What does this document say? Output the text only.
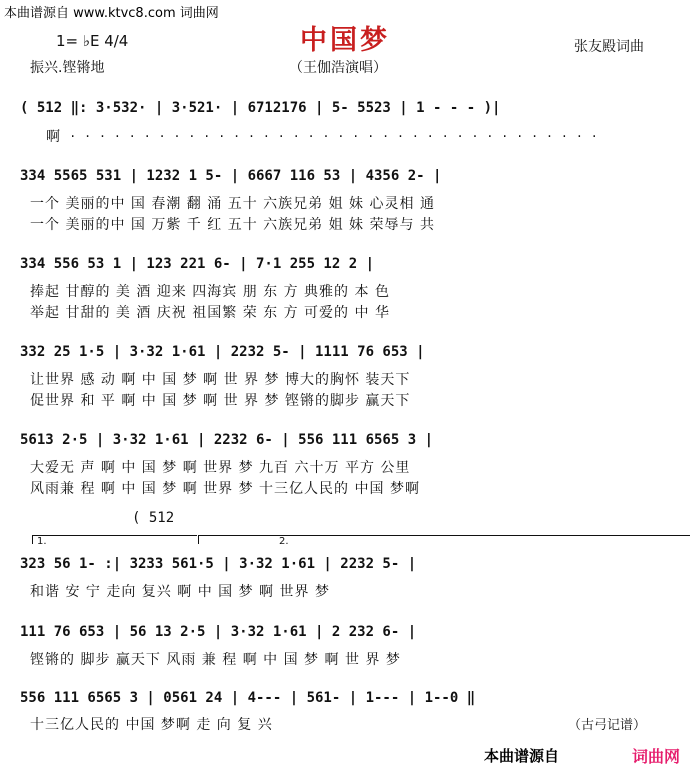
本曲谱源自 www.ktvc8.com 词曲网
中国梦
1= ♭E 4/4	张友殿词曲
振兴.铿锵地	（王伽浩演唱）
( 512 ‖: 3·532· | 3·521· | 6712176 | 5- 5523 | 1 - - - )|
啊 · · · · · · · · · · · · · · · · · · · · · · · · · · · · · · · · · · · ·
334 5565 531 | 1232 1 5- | 6667 116 53 | 4356 2- |
一个 美丽的中 国 春潮 翻 涌 五十 六族兄弟 姐 妹 心灵相 通
一个 美丽的中 国 万紫 千 红 五十 六族兄弟 姐 妹 荣辱与 共
334 556 53 1 | 123 221 6- | 7·1 255 12 2 |
捧起 甘醇的 美 酒 迎来 四海宾 朋 东 方 典雅的 本 色
举起 甘甜的 美 酒 庆祝 祖国繁 荣 东 方 可爱的 中 华
332 25 1·5 | 3·32 1·61 | 2232 5- | 1111 76 653 |
让世界 感 动 啊 中 国 梦 啊 世 界 梦 博大的胸怀 装天下
促世界 和 平 啊 中 国 梦 啊 世 界 梦 铿锵的脚步 赢天下
5613 2·5 | 3·32 1·61 | 2232 6- | 556 111 6565 3 |
大爱无 声 啊 中 国 梦 啊 世界 梦 九百 六十万 平方 公里
风雨兼 程 啊 中 国 梦 啊 世界 梦 十三亿人民的 中国 梦啊
( 512
1.	2.
323 56 1- :| 3233 561·5 | 3·32 1·61 | 2232 5- |
和谐 安 宁 走向 复兴 啊 中 国 梦 啊 世界 梦
111 76 653 | 56 13 2·5 | 3·32 1·61 | 2 232 6- |
铿锵的 脚步 赢天下 风雨 兼 程 啊 中 国 梦 啊 世 界 梦
556 111 6565 3 | 0561 24 | 4--- | 561- | 1--- | 1--0 ‖
十三亿人民的 中国 梦啊 走 向 复 兴	（古弓记谱）
本曲谱源自	词曲网
